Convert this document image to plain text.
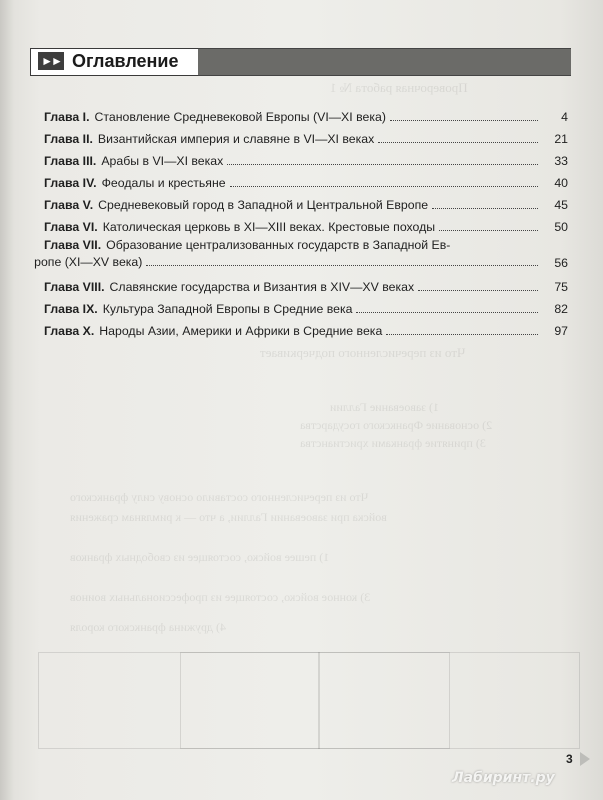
Проверочная работа № 1
Что из перечисленного подчеркивает
1) завоевание Галлии
2) основание Франкского государства
3) принятие франками христианства
Что из перечисленного составило основу силу франкского
войска при завоевании Галлии, а что — к римлянам сражения
1) пешее войско, состоящее из свободных франков
3) конное войско, состоящее из профессиональных воинов
4) дружина франкского короля
►► Оглавление
Глава I. Становление Средневековой Европы (VI—XI века)	4
Глава II. Византийская империя и славяне в VI—XI веках	21
Глава III. Арабы в VI—XI веках	33
Глава IV. Феодалы и крестьяне	40
Глава V. Средневековый город в Западной и Центральной Европе	45
Глава VI. Католическая церковь в XI—XIII веках. Крестовые походы	50
Глава VII. Образование централизованных государств в Западной Ев-
ропе (XI—XV века)	56
Глава VIII. Славянские государства и Византия в XIV—XV веках	75
Глава IX. Культура Западной Европы в Средние века	82
Глава X. Народы Азии, Америки и Африки в Средние века	97
3
Лабиринт.ру
